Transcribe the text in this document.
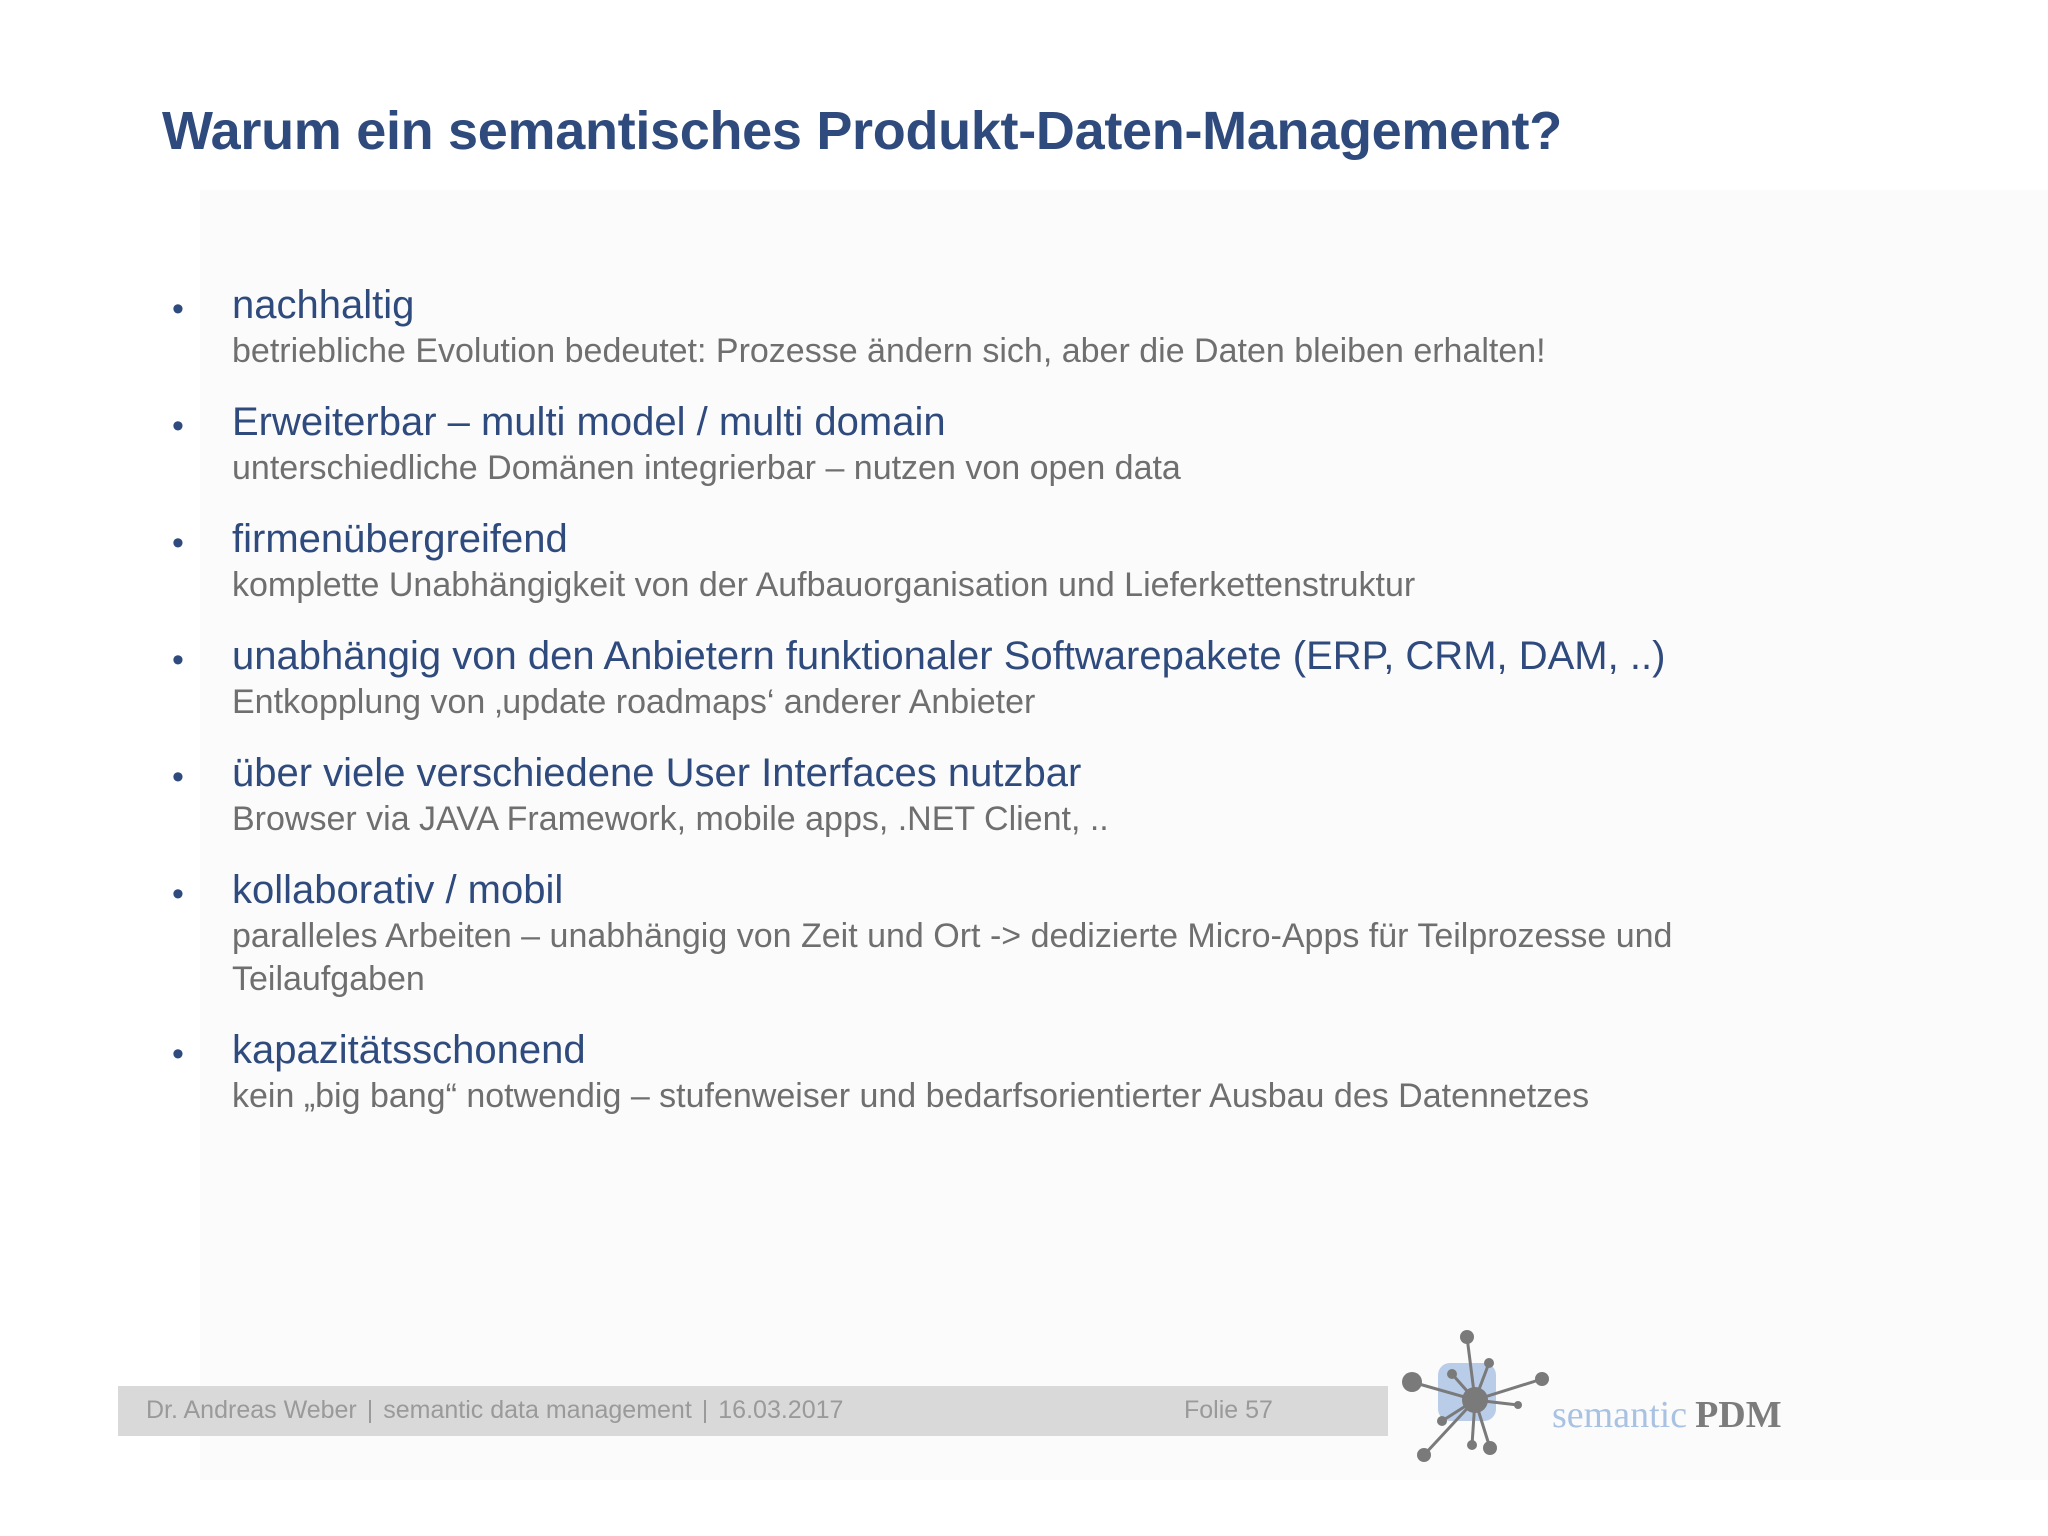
Warum ein semantisches Produkt-Daten-Management?
• nachhaltig
betriebliche Evolution bedeutet: Prozesse ändern sich, aber die Daten bleiben erhalten!
• Erweiterbar – multi model / multi domain
unterschiedliche Domänen integrierbar – nutzen von open data
• firmenübergreifend
komplette Unabhängigkeit von der Aufbauorganisation und Lieferkettenstruktur
• unabhängig von den Anbietern funktionaler Softwarepakete (ERP, CRM, DAM, ..)
Entkopplung von ‚update roadmaps‘ anderer Anbieter
• über viele verschiedene User Interfaces nutzbar
Browser via JAVA Framework, mobile apps, .NET Client, ..
• kollaborativ / mobil
paralleles Arbeiten – unabhängig von Zeit und Ort -> dedizierte Micro-Apps für Teilprozesse und Teilaufgaben
• kapazitätsschonend
kein „big bang“ notwendig – stufenweiser und bedarfsorientierter Ausbau des Datennetzes
Dr. Andreas Weber | semantic data management | 16.03.2017	Folie 57	semantic PDM
